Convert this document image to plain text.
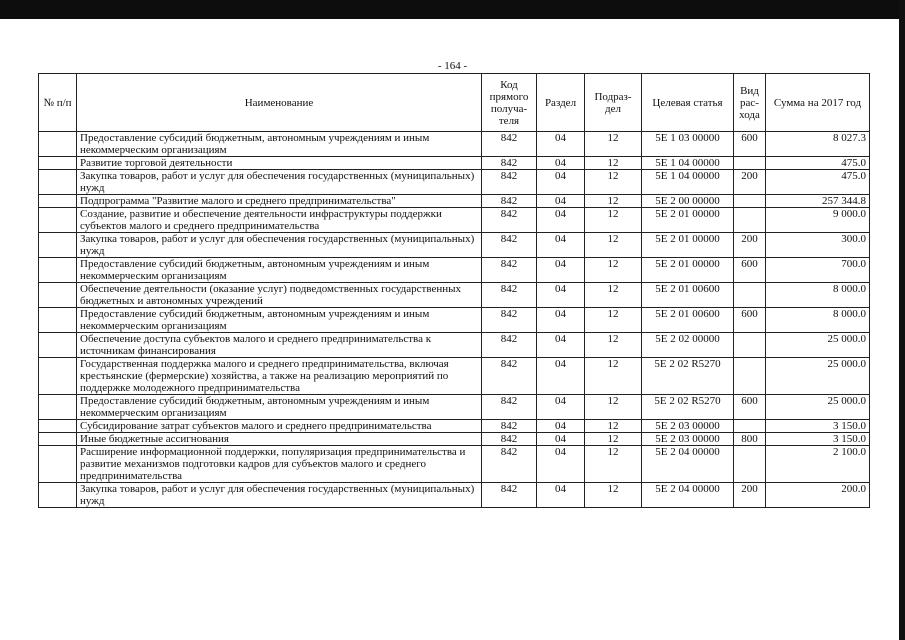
- 164 -
№ п/п	Наименование	Код прямого получа-теля	Раздел	Подраз-дел	Целевая статья	Вид рас-хода	Сумма на 2017 год
	Предоставление субсидий бюджетным, автономным учреждениям и иным некоммерческим организациям	842	04	12	5Е 1 03 00000	600	8 027.3
	Развитие торговой деятельности	842	04	12	5Е 1 04 00000		475.0
	Закупка товаров, работ и услуг для обеспечения государственных (муниципальных) нужд	842	04	12	5Е 1 04 00000	200	475.0
	Подпрограмма "Развитие малого и среднего предпринимательства"	842	04	12	5Е 2 00 00000		257 344.8
	Создание, развитие и обеспечение деятельности инфраструктуры поддержки субъектов малого и среднего предпринимательства	842	04	12	5Е 2 01 00000		9 000.0
	Закупка товаров, работ и услуг для обеспечения государственных (муниципальных) нужд	842	04	12	5Е 2 01 00000	200	300.0
	Предоставление субсидий бюджетным, автономным учреждениям и иным некоммерческим организациям	842	04	12	5Е 2 01 00000	600	700.0
	Обеспечение деятельности (оказание услуг) подведомственных государственных бюджетных и автономных учреждений	842	04	12	5Е 2 01 00600		8 000.0
	Предоставление субсидий бюджетным, автономным учреждениям и иным некоммерческим организациям	842	04	12	5Е 2 01 00600	600	8 000.0
	Обеспечение доступа субъектов малого и среднего предпринимательства к источникам финансирования	842	04	12	5Е 2 02 00000		25 000.0
	Государственная поддержка малого и среднего предпринимательства, включая крестьянские (фермерские) хозяйства, а также на реализацию мероприятий по поддержке молодежного предпринимательства	842	04	12	5Е 2 02 R5270		25 000.0
	Предоставление субсидий бюджетным, автономным учреждениям и иным некоммерческим организациям	842	04	12	5Е 2 02 R5270	600	25 000.0
	Субсидирование затрат субъектов малого и среднего предпринимательства	842	04	12	5Е 2 03 00000		3 150.0
	Иные бюджетные ассигнования	842	04	12	5Е 2 03 00000	800	3 150.0
	Расширение информационной поддержки, популяризация предпринимательства и развитие механизмов подготовки кадров для субъектов малого и среднего предпринимательства	842	04	12	5Е 2 04 00000		2 100.0
	Закупка товаров, работ и услуг для обеспечения государственных (муниципальных) нужд	842	04	12	5Е 2 04 00000	200	200.0
